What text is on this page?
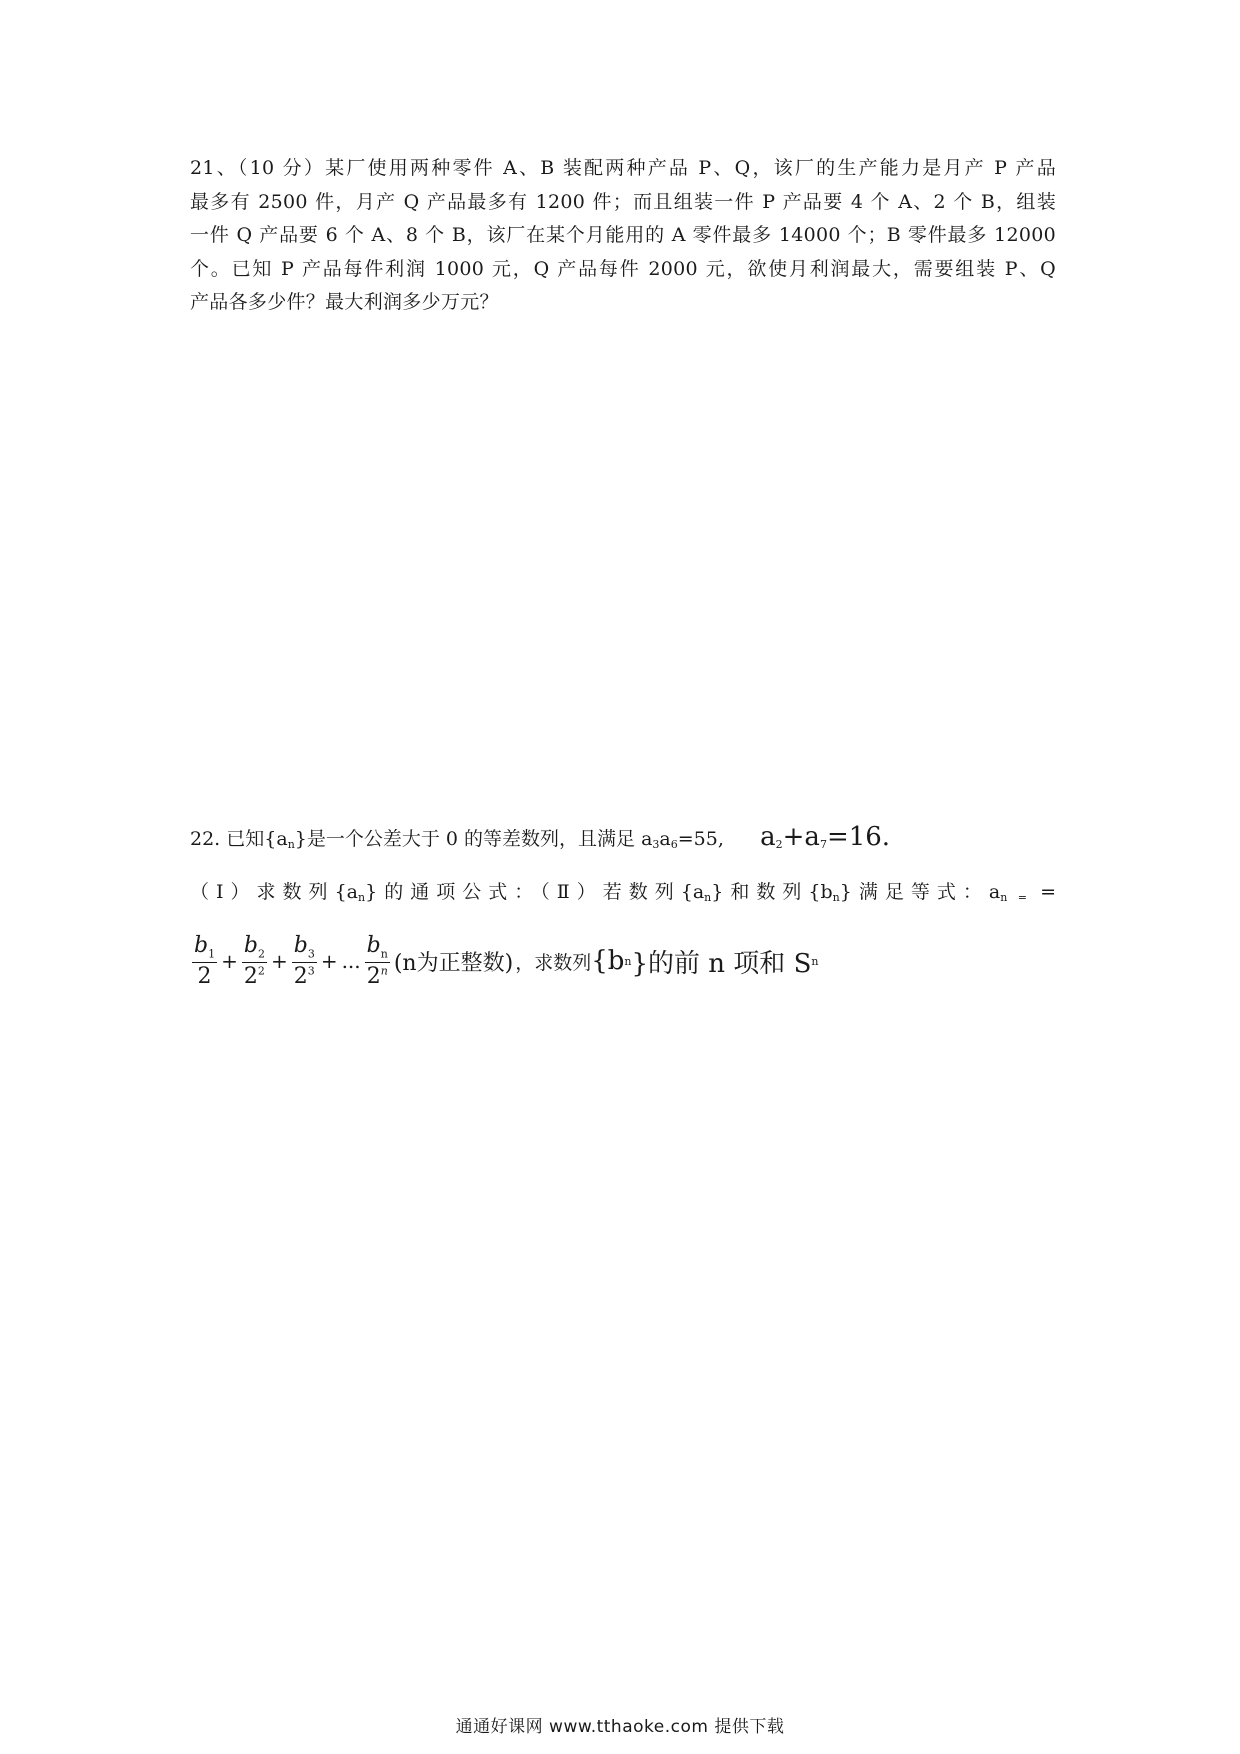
21、（10 分）某厂使用两种零件 A、B 装配两种产品 P、Q，该厂的生产能力是月产 P 产品
最多有 2500 件，月产 Q 产品最多有 1200 件；而且组装一件 P 产品要 4 个 A、2 个 B，组装
一件 Q 产品要 6 个 A、8 个 B，该厂在某个月能用的 A 零件最多 14000 个；B 零件最多 12000
个。已知 P 产品每件利润 1000 元，Q 产品每件 2000 元，欲使月利润最大，需要组装 P、Q
产品各多少件？最大利润多少万元？
22. 已知$\{a_n\}$是一个公差大于 0 的等差数列，且满足 $a_3a_6=55$, $a_2+a_7=16$.
（Ⅰ）求数列$\{a_n\}$的通项公式：（Ⅱ）若数列$\{a_n\}$和数列$\{b_n\}$满足等式：$a_{n =}$ =
$\frac{b_1}{2} + \frac{b_2}{2^2} + \frac{b_3}{2^3}$ + ... $\frac{b_n}{2^n} (n$为正整数) ，求数列 {b n }的前 n 项和 S n
通通好课网 www.tthaoke.com 提供下载
